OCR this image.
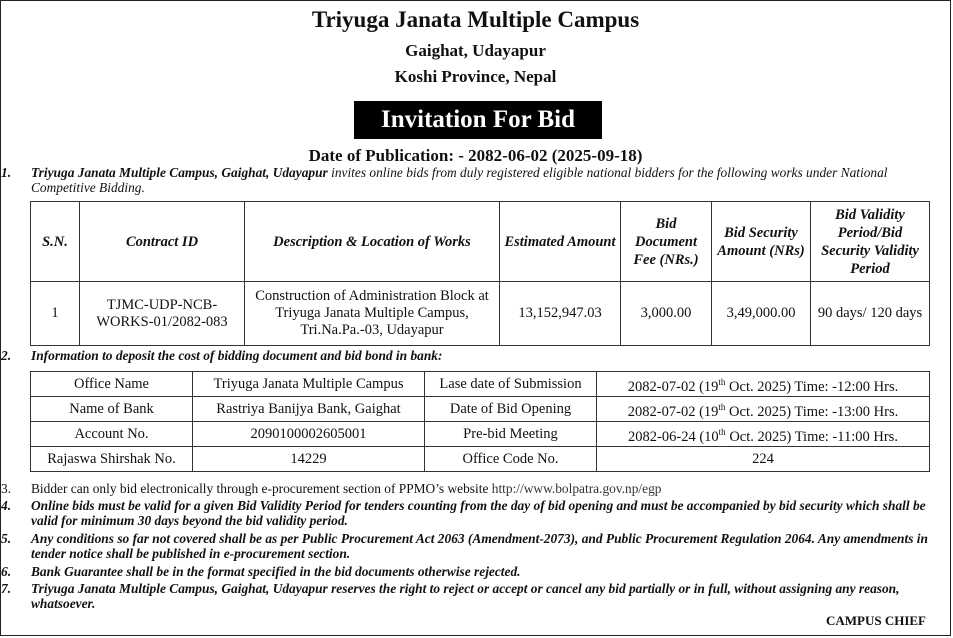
Triyuga Janata Multiple Campus
Gaighat, Udayapur
Koshi Province, Nepal
Invitation For Bid
Date of Publication: - 2082-06-02 (2025-09-18)
1.	Triyuga Janata Multiple Campus, Gaighat, Udayapur invites online bids from duly registered eligible national bidders for the following works under National Competitive Bidding.
S.N.	Contract ID	Description & Location of Works	Estimated Amount	Bid Document Fee (NRs.)	Bid Security Amount (NRs)	Bid Validity Period/Bid Security Validity Period
1	TJMC-UDP-NCB-WORKS-01/2082-083	Construction of Administration Block at Triyuga Janata Multiple Campus, Tri.Na.Pa.-03, Udayapur	13,152,947.03	3,000.00	3,49,000.00	90 days/ 120 days
2.	Information to deposit the cost of bidding document and bid bond in bank:
Office Name	Triyuga Janata Multiple Campus	Lase date of Submission	2082-07-02 (19th Oct. 2025) Time: -12:00 Hrs.
Name of Bank	Rastriya Banijya Bank, Gaighat	Date of Bid Opening	2082-07-02 (19th Oct. 2025) Time: -13:00 Hrs.
Account No.	2090100002605001	Pre-bid Meeting	2082-06-24 (10th Oct. 2025) Time: -11:00 Hrs.
Rajaswa Shirshak No.	14229	Office Code No.	224
3.	Bidder can only bid electronically through e-procurement section of PPMO’s website http://www.bolpatra.gov.np/egp
4.	Online bids must be valid for a given Bid Validity Period for tenders counting from the day of bid opening and must be accompanied by bid security which shall be valid for minimum 30 days beyond the bid validity period.
5.	Any conditions so far not covered shall be as per Public Procurement Act 2063 (Amendment-2073), and Public Procurement Regulation 2064. Any amendments in tender notice shall be published in e-procurement section.
6.	Bank Guarantee shall be in the format specified in the bid documents otherwise rejected.
7.	Triyuga Janata Multiple Campus, Gaighat, Udayapur reserves the right to reject or accept or cancel any bid partially or in full, without assigning any reason, whatsoever.
CAMPUS CHIEF
